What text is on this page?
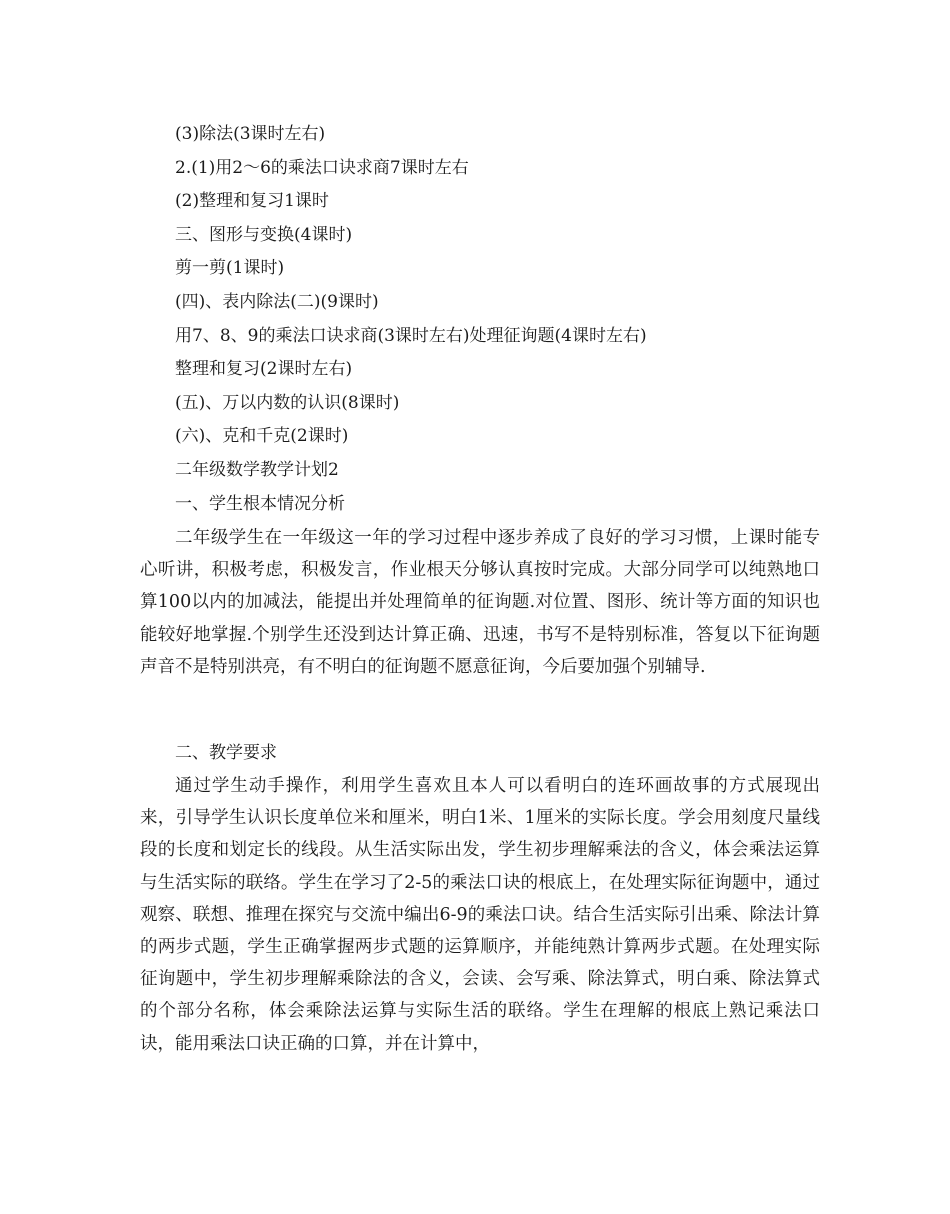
(3)除法(3课时左右)
2.(1)用2～6的乘法口诀求商7课时左右
(2)整理和复习1课时
三、图形与变换(4课时)
剪一剪(1课时)
(四)、表内除法(二)(9课时)
用7、8、9的乘法口诀求商(3课时左右)处理征询题(4课时左右)
整理和复习(2课时左右)
(五)、万以内数的认识(8课时)
(六)、克和千克(2课时)
二年级数学教学计划2
一、学生根本情况分析

二年级学生在一年级这一年的学习过程中逐步养成了良好的学习习惯，上课时能专心听讲，积极考虑，积极发言，作业根天分够认真按时完成。大部分同学可以纯熟地口算100以内的加减法，能提出并处理简单的征询题.对位置、图形、统计等方面的知识也能较好地掌握.个别学生还没到达计算正确、迅速，书写不是特别标准，答复以下征询题声音不是特别洪亮，有不明白的征询题不愿意征询，今后要加强个别辅导.

二、教学要求

通过学生动手操作，利用学生喜欢且本人可以看明白的连环画故事的方式展现出来，引导学生认识长度单位米和厘米，明白1米、1厘米的实际长度。学会用刻度尺量线段的长度和划定长的线段。从生活实际出发，学生初步理解乘法的含义，体会乘法运算与生活实际的联络。学生在学习了2-5的乘法口诀的根底上，在处理实际征询题中，通过观察、联想、推理在探究与交流中编出6-9的乘法口诀。结合生活实际引出乘、除法计算的两步式题，学生正确掌握两步式题的运算顺序，并能纯熟计算两步式题。在处理实际征询题中，学生初步理解乘除法的含义，会读、会写乘、除法算式，明白乘、除法算式的个部分名称，体会乘除法运算与实际生活的联络。学生在理解的根底上熟记乘法口诀，能用乘法口诀正确的口算，并在计算中，
